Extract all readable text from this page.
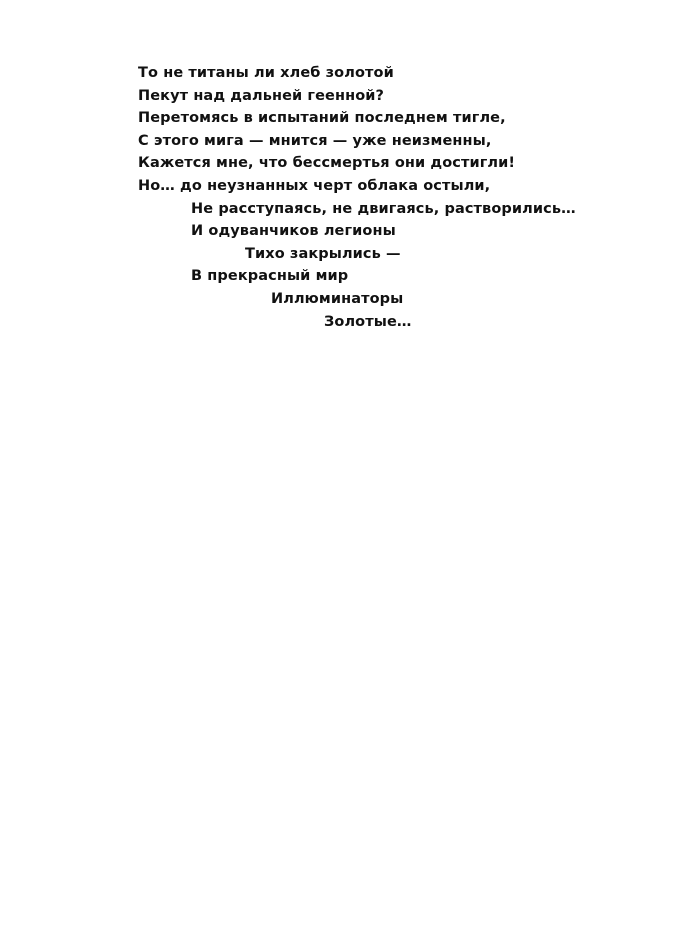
То не титаны ли хлеб золотой
Пекут над дальней геенной?
Перетомясь в испытаний последнем тигле,
С этого мига — мнится — уже неизменны,
Кажется мне, что бессмертья они достигли!
Но… до неузнанных черт облака остыли,
Не расступаясь, не двигаясь, растворились…
И одуванчиков легионы
Тихо закрылись —
В прекрасный мир
Иллюминаторы
Золотые…
